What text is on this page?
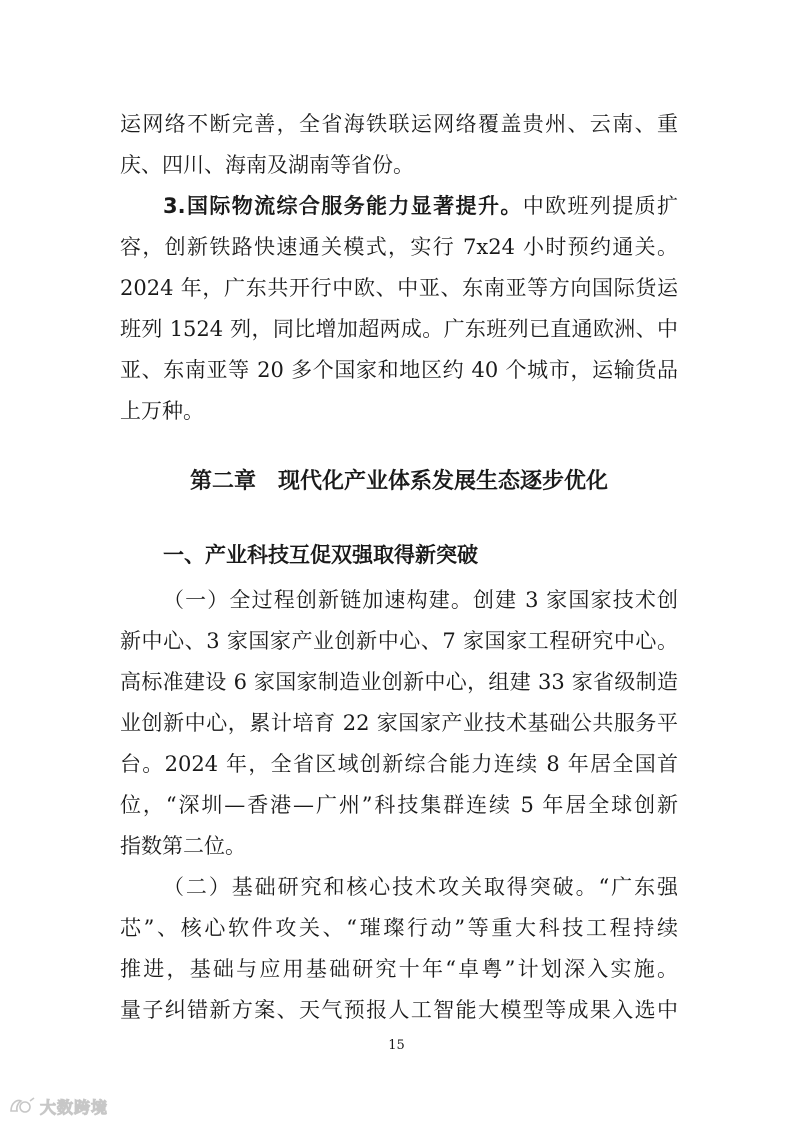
运网络不断完善，全省海铁联运网络覆盖贵州、云南、重
庆、四川、海南及湖南等省份。
3.国际物流综合服务能力显著提升。中欧班列提质扩
容，创新铁路快速通关模式，实行 7x24 小时预约通关。
2024 年，广东共开行中欧、中亚、东南亚等方向国际货运
班列 1524 列，同比增加超两成。广东班列已直通欧洲、中
亚、东南亚等 20 多个国家和地区约 40 个城市，运输货品
上万种。
第二章　现代化产业体系发展生态逐步优化
一、产业科技互促双强取得新突破
（一）全过程创新链加速构建。创建 3 家国家技术创
新中心、3 家国家产业创新中心、7 家国家工程研究中心。
高标准建设 6 家国家制造业创新中心，组建 33 家省级制造
业创新中心，累计培育 22 家国家产业技术基础公共服务平
台。2024 年，全省区域创新综合能力连续 8 年居全国首
位，“深圳—香港—广州”科技集群连续 5 年居全球创新
指数第二位。
（二）基础研究和核心技术攻关取得突破。“广东强
芯”、核心软件攻关、“璀璨行动”等重大科技工程持续
推进，基础与应用基础研究十年“卓粤”计划深入实施。
量子纠错新方案、天气预报人工智能大模型等成果入选中
15
大数跨境
